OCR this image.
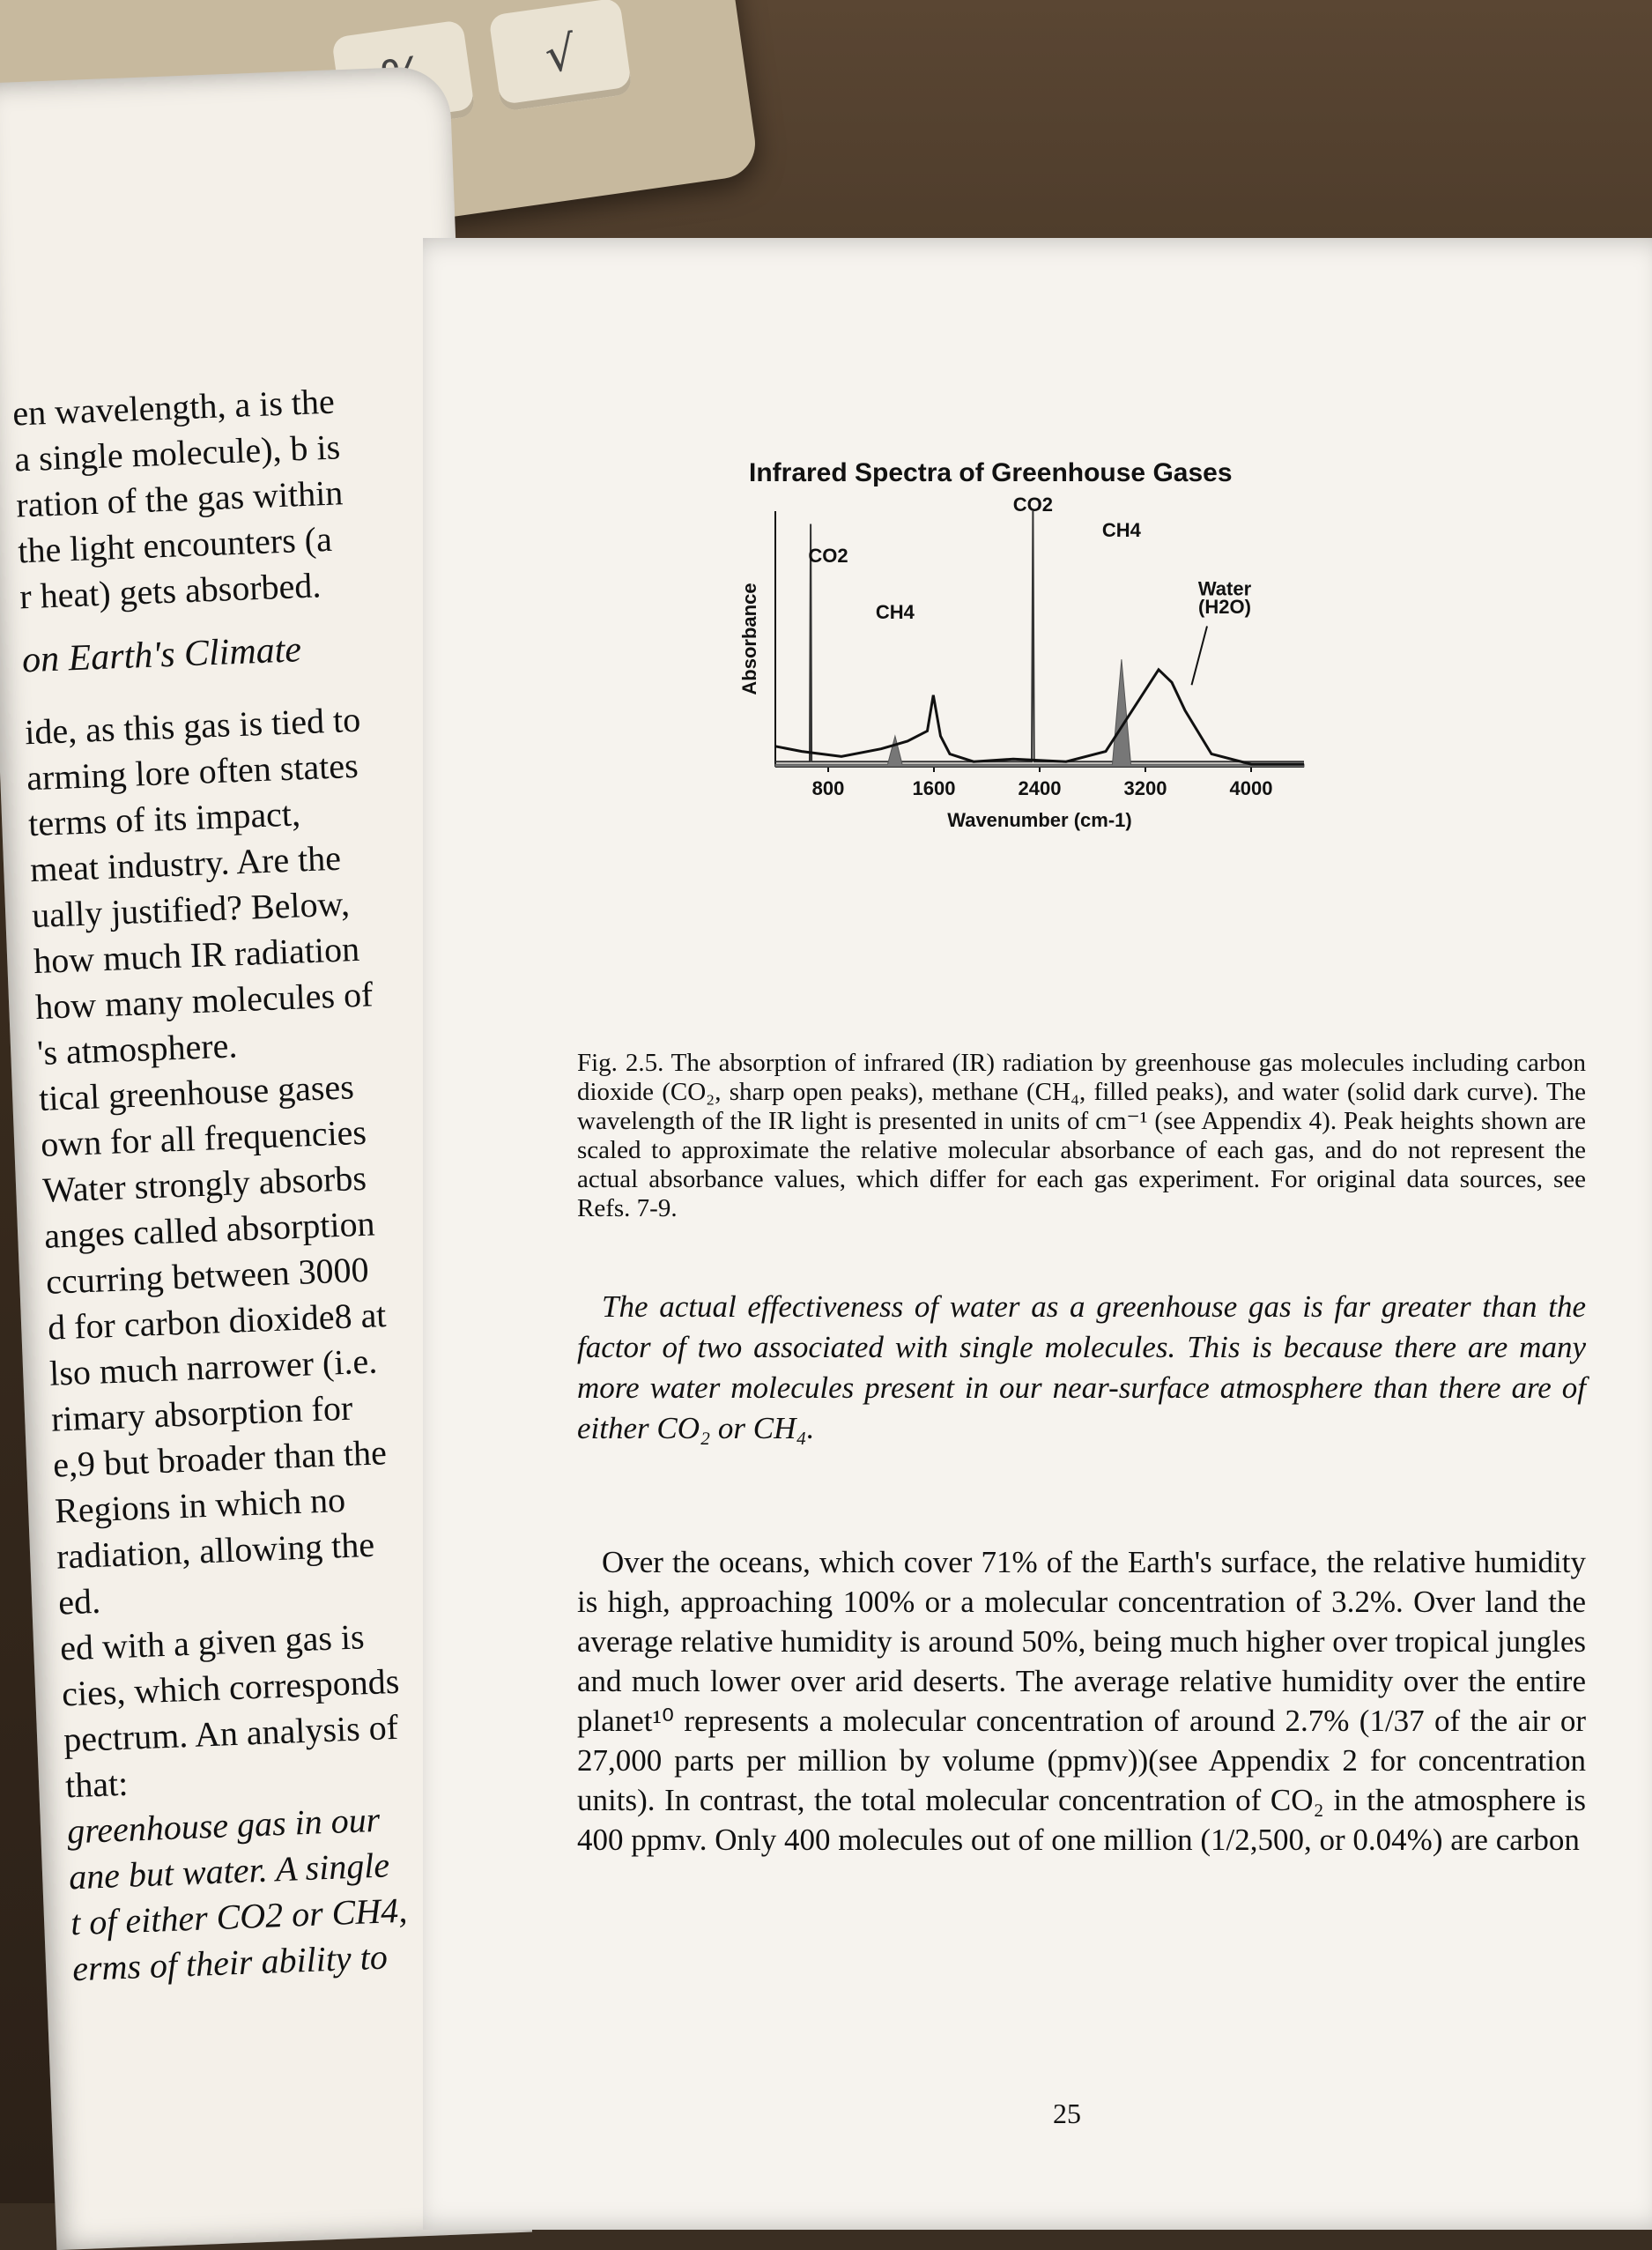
√
en wavelength, a is the
a single molecule), b is
ration of the gas within
the light encounters (a
r heat) gets absorbed.
on Earth's Climate
ide, as this gas is tied to
arming lore often states
terms of its impact,
meat industry. Are the
ually justified? Below,
how much IR radiation
how many molecules of
's atmosphere.
tical greenhouse gases
own for all frequencies
Water strongly absorbs
anges called absorption
ccurring between 3000
d for carbon dioxide8 at
lso much narrower (i.e.
rimary absorption for
e,9 but broader than the
Regions in which no
radiation, allowing the
ed.
ed with a given gas is
cies, which corresponds
pectrum. An analysis of
that:
greenhouse gas in our
ane but water. A single
t of either CO2 or CH4,
erms of their ability to
Infrared Spectra of Greenhouse Gases
800	1600	2400	3200	4000
Wavenumber (cm-1)
Absorbance
CO2
CO2
CH4
CH4
Water
(H2O)
Fig. 2.5. The absorption of infrared (IR) radiation by greenhouse gas molecules including carbon dioxide (CO₂, sharp open peaks), methane (CH₄, filled peaks), and water (solid dark curve). The wavelength of the IR light is presented in units of cm⁻¹ (see Appendix 4). Peak heights shown are scaled to approximate the relative molecular absorbance of each gas, and do not represent the actual absorbance values, which differ for each gas experiment. For original data sources, see Refs. 7-9.
The actual effectiveness of water as a greenhouse gas is far greater than the factor of two associated with single molecules. This is because there are many more water molecules present in our near-surface atmosphere than there are of either CO₂ or CH₄.
Over the oceans, which cover 71% of the Earth's surface, the relative humidity is high, approaching 100% or a molecular concentration of 3.2%. Over land the average relative humidity is around 50%, being much higher over tropical jungles and much lower over arid deserts. The average relative humidity over the entire planet¹⁰ represents a molecular concentration of around 2.7% (1/37 of the air or 27,000 parts per million by volume (ppmv))(see Appendix 2 for concentration units). In contrast, the total molecular concentration of CO₂ in the atmosphere is 400 ppmv. Only 400 molecules out of one million (1/2,500, or 0.04%) are carbon
25
